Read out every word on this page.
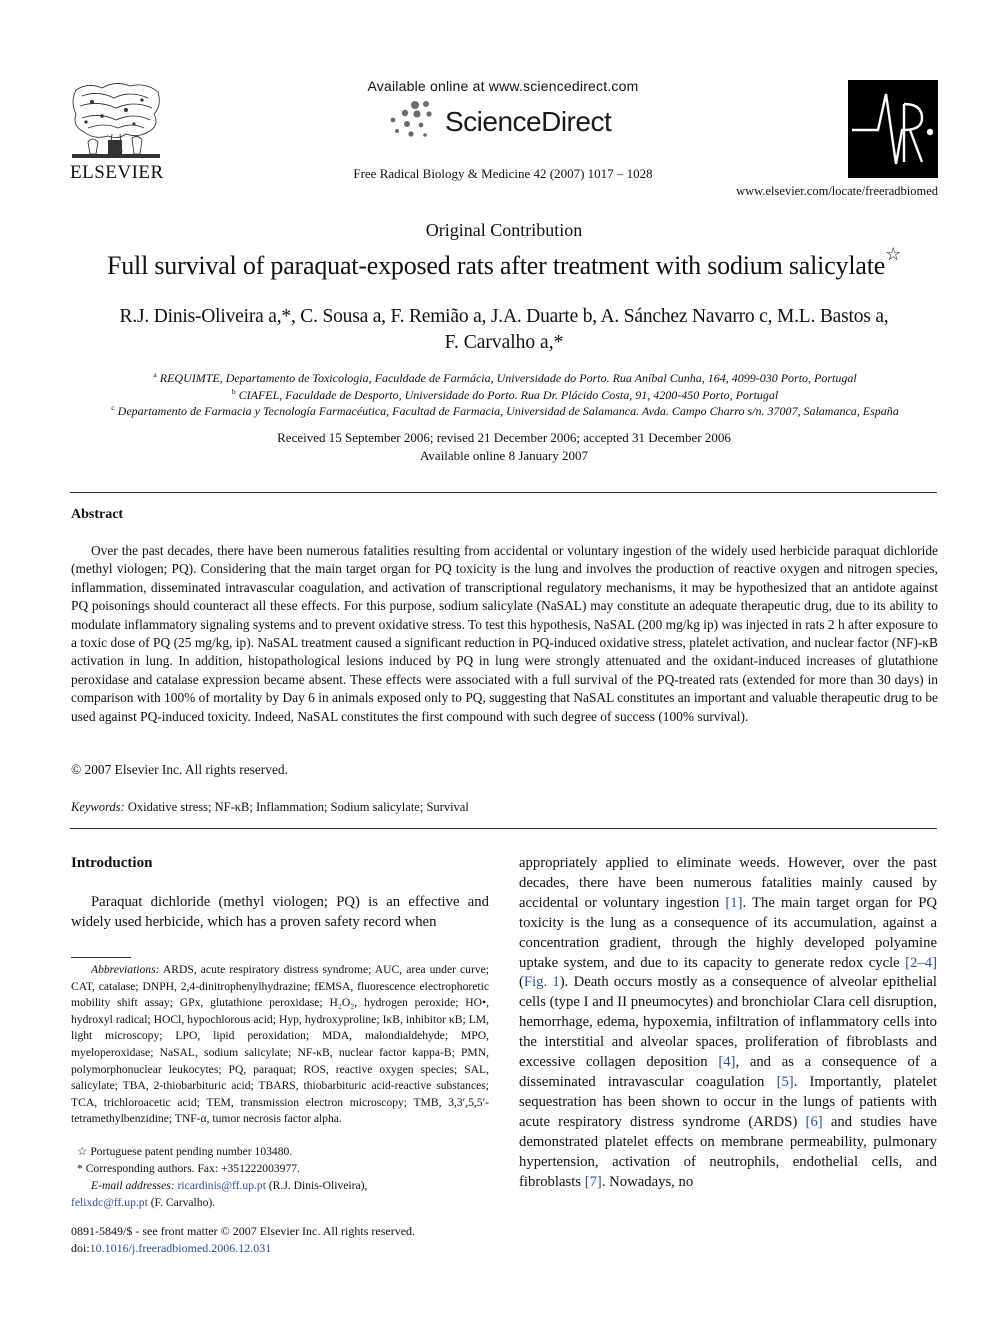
ELSEVIER
Available online at www.sciencedirect.com
ScienceDirect
Free Radical Biology & Medicine 42 (2007) 1017 – 1028
www.elsevier.com/locate/freeradbiomed
Original Contribution
Full survival of paraquat-exposed rats after treatment with sodium salicylate☆
R.J. Dinis-Oliveira a,*, C. Sousa a, F. Remião a, J.A. Duarte b, A. Sánchez Navarro c, M.L. Bastos a,
F. Carvalho a,*
$^a$ REQUIMTE, Departamento de Toxicologia, Faculdade de Farmácia, Universidade do Porto. Rua Aníbal Cunha, 164, 4099-030 Porto, Portugal
$^b$ CIAFEL, Faculdade de Desporto, Universidade do Porto. Rua Dr. Plácido Costa, 91, 4200-450 Porto, Portugal
$^c$ Departamento de Farmacia y Tecnología Farmacéutica, Facultad de Farmacia, Universidad de Salamanca. Avda. Campo Charro s/n. 37007, Salamanca, España
Received 15 September 2006; revised 21 December 2006; accepted 31 December 2006
Available online 8 January 2007
Abstract
Over the past decades, there have been numerous fatalities resulting from accidental or voluntary ingestion of the widely used herbicide paraquat dichloride (methyl viologen; PQ). Considering that the main target organ for PQ toxicity is the lung and involves the production of reactive oxygen and nitrogen species, inflammation, disseminated intravascular coagulation, and activation of transcriptional regulatory mechanisms, it may be hypothesized that an antidote against PQ poisonings should counteract all these effects. For this purpose, sodium salicylate (NaSAL) may constitute an adequate therapeutic drug, due to its ability to modulate inflammatory signaling systems and to prevent oxidative stress. To test this hypothesis, NaSAL (200 mg/kg ip) was injected in rats 2 h after exposure to a toxic dose of PQ (25 mg/kg, ip). NaSAL treatment caused a significant reduction in PQ-induced oxidative stress, platelet activation, and nuclear factor (NF)-κB activation in lung. In addition, histopathological lesions induced by PQ in lung were strongly attenuated and the oxidant-induced increases of glutathione peroxidase and catalase expression became absent. These effects were associated with a full survival of the PQ-treated rats (extended for more than 30 days) in comparison with 100% of mortality by Day 6 in animals exposed only to PQ, suggesting that NaSAL constitutes an important and valuable therapeutic drug to be used against PQ-induced toxicity. Indeed, NaSAL constitutes the first compound with such degree of success (100% survival).
© 2007 Elsevier Inc. All rights reserved.
Keywords: Oxidative stress; NF-κB; Inflammation; Sodium salicylate; Survival
Introduction
Paraquat dichloride (methyl viologen; PQ) is an effective and widely used herbicide, which has a proven safety record when
Abbreviations: ARDS, acute respiratory distress syndrome; AUC, area under curve; CAT, catalase; DNPH, 2,4-dinitrophenylhydrazine; fEMSA, fluorescence electrophoretic mobility shift assay; GPx, glutathione peroxidase; H₂O₂, hydrogen peroxide; HO•, hydroxyl radical; HOCl, hypochlorous acid; Hyp, hydroxyproline; IκB, inhibitor κB; LM, light microscopy; LPO, lipid peroxidation; MDA, malondialdehyde; MPO, myeloperoxidase; NaSAL, sodium salicylate; NF-κB, nuclear factor kappa-B; PMN, polymorphonuclear leukocytes; PQ, paraquat; ROS, reactive oxygen species; SAL, salicylate; TBA, 2-thiobarbituric acid; TBARS, thiobarbituric acid-reactive substances; TCA, trichloroacetic acid; TEM, transmission electron microscopy; TMB, 3,3′,5,5′-tetramethylbenzidine; TNF-α, tumor necrosis factor alpha.
☆ Portuguese patent pending number 103480.
* Corresponding authors. Fax: +351222003977.
E-mail addresses: ricardinis@ff.up.pt (R.J. Dinis-Oliveira),
felixdc@ff.up.pt (F. Carvalho).
0891-5849/$ - see front matter © 2007 Elsevier Inc. All rights reserved.
doi:10.1016/j.freeradbiomed.2006.12.031
appropriately applied to eliminate weeds. However, over the past decades, there have been numerous fatalities mainly caused by accidental or voluntary ingestion [1]. The main target organ for PQ toxicity is the lung as a consequence of its accumulation, against a concentration gradient, through the highly developed polyamine uptake system, and due to its capacity to generate redox cycle [2–4] (Fig. 1). Death occurs mostly as a consequence of alveolar epithelial cells (type I and II pneumocytes) and bronchiolar Clara cell disruption, hemorrhage, edema, hypoxemia, infiltration of inflammatory cells into the interstitial and alveolar spaces, proliferation of fibroblasts and excessive collagen deposition [4], and as a consequence of a disseminated intravascular coagulation [5]. Importantly, platelet sequestration has been shown to occur in the lungs of patients with acute respiratory distress syndrome (ARDS) [6] and studies have demonstrated platelet effects on membrane permeability, pulmonary hypertension, activation of neutrophils, endothelial cells, and fibroblasts [7]. Nowadays, no
